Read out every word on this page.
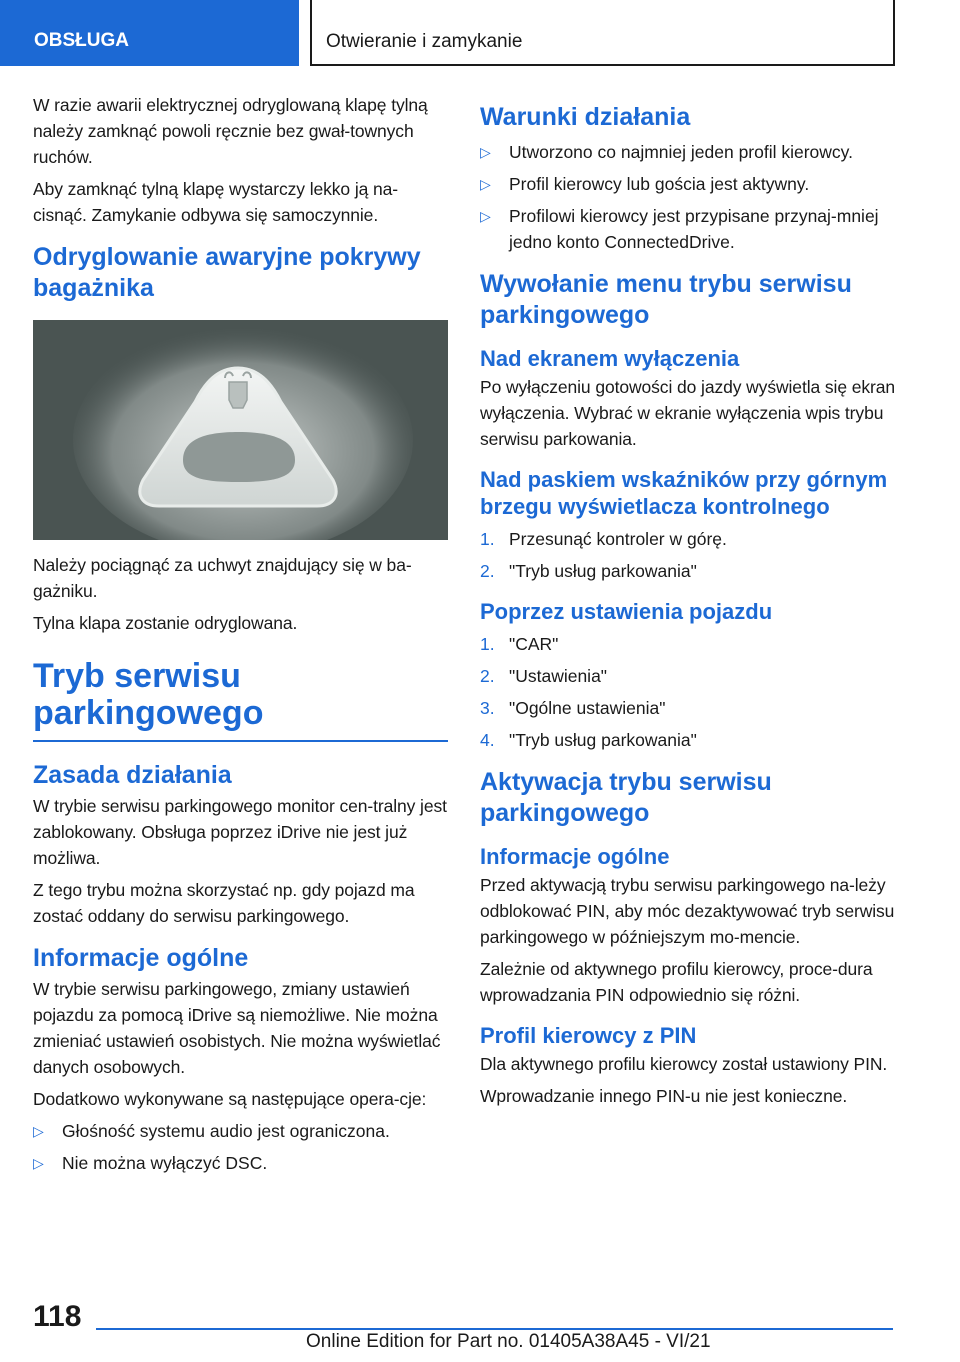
OBSŁUGA	Otwieranie i zamykanie

W razie awarii elektrycznej odryglowaną klapę tylną należy zamknąć powoli ręcznie bez gwał-townych ruchów.

Aby zamknąć tylną klapę wystarczy lekko ją na-cisnąć. Zamykanie odbywa się samoczynnie.

Odryglowanie awaryjne pokrywy bagażnika

Należy pociągnąć za uchwyt znajdujący się w ba-gażniku.

Tylna klapa zostanie odryglowana.

Tryb serwisu parkingowego
Zasada działania

W trybie serwisu parkingowego monitor cen-tralny jest zablokowany. Obsługa poprzez iDrive nie jest już możliwa.

Z tego trybu można skorzystać np. gdy pojazd ma zostać oddany do serwisu parkingowego.

Informacje ogólne

W trybie serwisu parkingowego, zmiany ustawień pojazdu za pomocą iDrive są niemożliwe. Nie można zmieniać ustawień osobistych. Nie można wyświetlać danych osobowych.

Dodatkowo wykonywane są następujące opera-cje:

▷ Głośność systemu audio jest ograniczona.
▷ Nie można wyłączyć DSC.
Warunki działania
▷ Utworzono co najmniej jeden profil kierowcy.
▷ Profil kierowcy lub gościa jest aktywny.
▷ Profilowi kierowcy jest przypisane przynaj-mniej jedno konto ConnectedDrive.
Wywołanie menu trybu serwisu parkingowego
Nad ekranem wyłączenia

Po wyłączeniu gotowości do jazdy wyświetla się ekran wyłączenia. Wybrać w ekranie wyłączenia wpis trybu serwisu parkowania.

Nad paskiem wskaźników przy górnym brzegu wyświetlacza kontrolnego
1. Przesunąć kontroler w górę.
2. "Tryb usług parkowania"
Poprzez ustawienia pojazdu
1. "CAR"
2. "Ustawienia"
3. "Ogólne ustawienia"
4. "Tryb usług parkowania"
Aktywacja trybu serwisu parkingowego
Informacje ogólne

Przed aktywacją trybu serwisu parkingowego na-leży odblokować PIN, aby móc dezaktywować tryb serwisu parkingowego w późniejszym mo-mencie.

Zależnie od aktywnego profilu kierowcy, proce-dura wprowadzania PIN odpowiednio się różni.

Profil kierowcy z PIN

Dla aktywnego profilu kierowcy został ustawiony PIN.

Wprowadzanie innego PIN-u nie jest konieczne.

118
Online Edition for Part no. 01405A38A45 - VI/21
